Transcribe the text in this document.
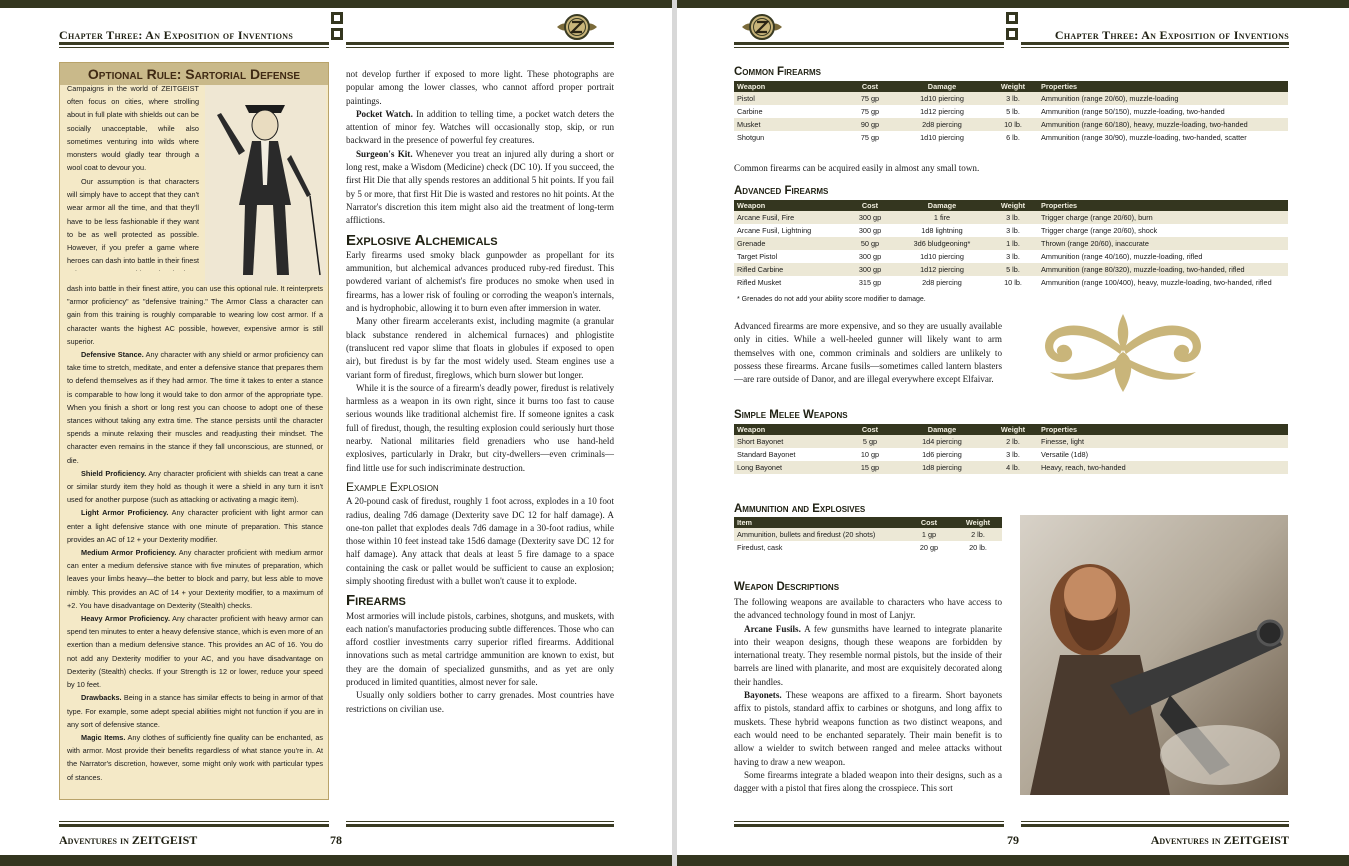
Chapter Three: An Exposition of Inventions
Optional Rule: Sartorial Defense

Campaigns in the world of ZEITGEIST often focus on cities, where strolling about in full plate with shields out can be socially unacceptable, while also sometimes venturing into wilds where monsters would gladly tear through a wool coat to devour you.

Our assumption is that characters will simply have to accept that they can't wear armor all the time, and that they'll have to be less fashionable if they want to be as well protected as possible. However, if you prefer a game where heroes can dash into battle in their finest

dash into battle in their finest attire, you can use this optional rule. It reinterprets "armor proficiency" as "defensive training." The Armor Class a character can gain from this training is roughly comparable to wearing low cost armor. If a character wants the highest AC possible, however, expensive armor is still superior.

Defensive Stance. Any character with any shield or armor proficiency can take time to stretch, meditate, and enter a defensive stance that prepares them to defend themselves as if they had armor. The time it takes to enter a stance is comparable to how long it would take to don armor of the appropriate type. When you finish a short or long rest you can choose to adopt one of these stances without taking any extra time. The stance persists until the character spends a minute relaxing their muscles and readjusting their mindset. The character even remains in the stance if they fall unconscious, are stunned, or die.

Shield Proficiency. Any character proficient with shields can treat a cane or similar sturdy item they hold as though it were a shield in any turn it isn't used for another purpose (such as attacking or activating a magic item).

Light Armor Proficiency. Any character proficient with light armor can enter a light defensive stance with one minute of preparation. This stance provides an AC of 12 + your Dexterity modifier.

Medium Armor Proficiency. Any character proficient with medium armor can enter a medium defensive stance with five minutes of preparation, which leaves your limbs heavy—the better to block and parry, but less able to move nimbly. This provides an AC of 14 + your Dexterity modifier, to a maximum of +2. You have disadvantage on Dexterity (Stealth) checks.

Heavy Armor Proficiency. Any character proficient with heavy armor can spend ten minutes to enter a heavy defensive stance, which is even more of an exertion than a medium defensive stance. This provides an AC of 16. You do not add any Dexterity modifier to your AC, and you have disadvantage on Dexterity (Stealth) checks. If your Strength is 12 or lower, reduce your speed by 10 feet.

Drawbacks. Being in a stance has similar effects to being in armor of that type. For example, some adept special abilities might not function if you are in any sort of defensive stance.

Magic Items. Any clothes of sufficiently fine quality can be enchanted, as with armor. Most provide their benefits regardless of what stance you're in. At the Narrator's discretion, however, some might only work with particular types of stances.

not develop further if exposed to more light. These photographs are popular among the lower classes, who cannot afford proper portrait paintings.

Pocket Watch. In addition to telling time, a pocket watch deters the attention of minor fey. Watches will occasionally stop, skip, or run backward in the presence of powerful fey creatures.

Surgeon's Kit. Whenever you treat an injured ally during a short or long rest, make a Wisdom (Medicine) check (DC 10). If you succeed, the first Hit Die that ally spends restores an additional 5 hit points. If you fail by 5 or more, that first Hit Die is wasted and restores no hit points. At the Narrator's discretion this item might also aid the treatment of long-term afflictions.

Explosive Alchemicals

Early firearms used smoky black gunpowder as propellant for its ammunition, but alchemical advances produced ruby-red firedust. This powdered variant of alchemist's fire produces no smoke when used in firearms, has a lower risk of fouling or corroding the weapon's internals, and is hydrophobic, allowing it to burn even after immersion in water.

Many other firearm accelerants exist, including magmite (a granular black substance rendered in alchemical furnaces) and phlogistite (translucent red vapor slime that floats in globules if exposed to open air), but firedust is by far the most widely used. Steam engines use a variant form of firedust, fireglows, which burn slower but longer.

While it is the source of a firearm's deadly power, firedust is relatively harmless as a weapon in its own right, since it burns too fast to cause serious wounds like traditional alchemist fire. If someone ignites a cask full of firedust, though, the resulting explosion could seriously hurt those nearby. National militaries field grenadiers who use hand-held explosives, particularly in Drakr, but city-dwellers—even criminals—find little use for such indiscriminate destruction.

Example Explosion

A 20-pound cask of firedust, roughly 1 foot across, explodes in a 10 foot radius, dealing 7d6 damage (Dexterity save DC 12 for half damage). A one-ton pallet that explodes deals 7d6 damage in a 30-foot radius, while those within 10 feet instead take 15d6 damage (Dexterity save DC 12 for half damage). Any attack that deals at least 5 fire damage to a space containing the cask or pallet would be sufficient to cause an explosion; simply shooting firedust with a bullet won't cause it to explode.

Firearms

Most armories will include pistols, carbines, shotguns, and muskets, with each nation's manufactories producing subtle differences. Those who can afford costlier investments carry superior rifled firearms. Additional innovations such as metal cartridge ammunition are known to exist, but they are the domain of specialized gunsmiths, and as yet are only produced in limited quantities, almost never for sale.

Usually only soldiers bother to carry grenades. Most countries have restrictions on civilian use.

Adventures in ZEITGEIST	78
Chapter Three: An Exposition of Inventions
79	Adventures in ZEITGEIST
Common Firearms
Weapon	Cost	Damage	Weight	Properties
Pistol	75 gp	1d10 piercing	3 lb.	Ammunition (range 20/60), muzzle-loading
Carbine	75 gp	1d12 piercing	5 lb.	Ammunition (range 50/150), muzzle-loading, two-handed
Musket	90 gp	2d8 piercing	10 lb.	Ammunition (range 60/180), heavy, muzzle-loading, two-handed
Shotgun	75 gp	1d10 piercing	6 lb.	Ammunition (range 30/90), muzzle-loading, two-handed, scatter
Common firearms can be acquired easily in almost any small town.
Advanced Firearms
Weapon	Cost	Damage	Weight	Properties
Arcane Fusil, Fire	300 gp	1 fire	3 lb.	Trigger charge (range 20/60), burn
Arcane Fusil, Lightning	300 gp	1d8 lightning	3 lb.	Trigger charge (range 20/60), shock
Grenade	50 gp	3d6 bludgeoning*	1 lb.	Thrown (range 20/60), inaccurate
Target Pistol	300 gp	1d10 piercing	3 lb.	Ammunition (range 40/160), muzzle-loading, rifled
Rifled Carbine	300 gp	1d12 piercing	5 lb.	Ammunition (range 80/320), muzzle-loading, two-handed, rifled
Rifled Musket	315 gp	2d8 piercing	10 lb.	Ammunition (range 100/400), heavy, muzzle-loading, two-handed, rifled
* Grenades do not add your ability score modifier to damage.
Advanced firearms are more expensive, and so they are usually available only in cities. While a well-heeled gunner will likely want to arm themselves with one, common criminals and soldiers are unlikely to possess these firearms. Arcane fusils—sometimes called lantern blasters—are rare outside of Danor, and are illegal everywhere except Elfaivar.
Simple Melee Weapons
Weapon	Cost	Damage	Weight	Properties
Short Bayonet	5 gp	1d4 piercing	2 lb.	Finesse, light
Standard Bayonet	10 gp	1d6 piercing	3 lb.	Versatile (1d8)
Long Bayonet	15 gp	1d8 piercing	4 lb.	Heavy, reach, two-handed
Ammunition and Explosives
Item	Cost	Weight
Ammunition, bullets and firedust (20 shots)	1 gp	2 lb.
Firedust, cask	20 gp	20 lb.
Weapon Descriptions

The following weapons are available to characters who have access to the advanced technology found in most of Lanjyr.

Arcane Fusils. A few gunsmiths have learned to integrate planarite into their weapon designs, though these weapons are forbidden by international treaty. They resemble normal pistols, but the inside of their barrels are lined with planarite, and most are exquisitely decorated along their handles.

Bayonets. These weapons are affixed to a firearm. Short bayonets affix to pistols, standard affix to carbines or shotguns, and long affix to muskets. These hybrid weapons function as two distinct weapons, and each would need to be enchanted separately. Their main benefit is to allow a wielder to switch between ranged and melee attacks without having to draw a new weapon.

Some firearms integrate a bladed weapon into their designs, such as a dagger with a pistol that fires along the crosspiece. This sort
